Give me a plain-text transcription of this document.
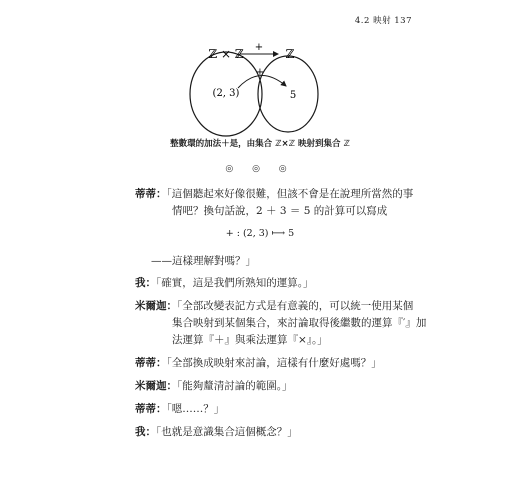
4.2 映射 137
+
ℤ × ℤ	ℤ
+
(2, 3)	5
整數環的加法＋是，由集合 ℤ×ℤ 映射到集合 ℤ
◎ ◎ ◎
蒂蒂：「這個聽起來好像很難，但該不會是在說理所當然的事
情吧？換句話說，2 ＋ 3 ＝ 5 的計算可以寫成
+ : (2, 3) ⟼ 5
——這樣理解對嗎？」
我：「確實，這是我們所熟知的運算。」
米爾迦：「全部改變表記方式是有意義的，可以統一使用某個
集合映射到某個集合，來討論取得後繼數的運算『′』加
法運算『＋』與乘法運算『×』。」
蒂蒂：「全部換成映射來討論，這樣有什麼好處嗎？」
米爾迦：「能夠釐清討論的範圍。」
蒂蒂：「嗯……？」
我：「也就是意識集合這個概念？」
